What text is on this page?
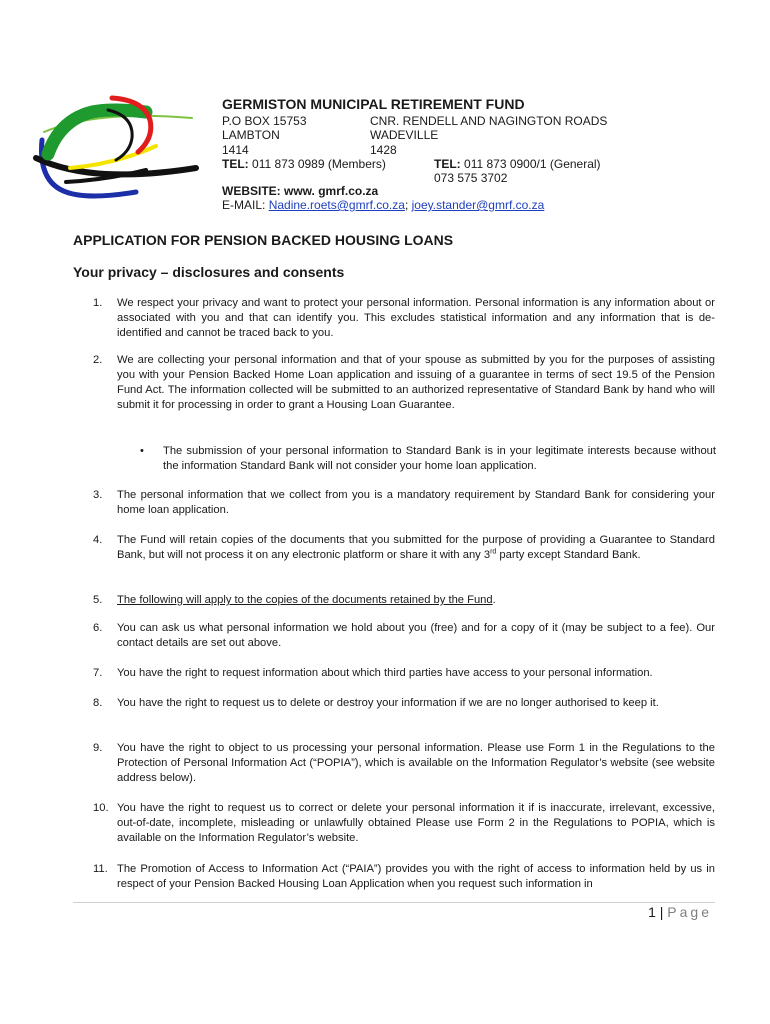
GERMISTON MUNICIPAL RETIREMENT FUND
P.O BOX 15753
LAMBTON
1414
TEL: 011 873 0989 (Members)
CNR. RENDELL AND NAGINGTON ROADS
WADEVILLE
1428
TEL: 011 873 0900/1 (General)
073 575 3702
WEBSITE: www. gmrf.co.za
E-MAIL: Nadine.roets@gmrf.co.za; joey.stander@gmrf.co.za
APPLICATION FOR PENSION BACKED HOUSING LOANS
Your privacy – disclosures and consents
1.	We respect your privacy and want to protect your personal information. Personal information is any information about or associated with you and that can identify you. This excludes statistical information and any information that is de-identified and cannot be traced back to you.
2.	We are collecting your personal information and that of your spouse as submitted by you for the purposes of assisting you with your Pension Backed Home Loan application and issuing of a guarantee in terms of sect 19.5 of the Pension Fund Act. The information collected will be submitted to an authorized representative of Standard Bank by hand who will submit it for processing in order to grant a Housing Loan Guarantee.
• The submission of your personal information to Standard Bank is in your legitimate interests because without the information Standard Bank will not consider your home loan application.
3.	The personal information that we collect from you is a mandatory requirement by Standard Bank for considering your home loan application.
4.	The Fund will retain copies of the documents that you submitted for the purpose of providing a Guarantee to Standard Bank, but will not process it on any electronic platform or share it with any 3rd party except Standard Bank.
5.	The following will apply to the copies of the documents retained by the Fund.
6.	You can ask us what personal information we hold about you (free) and for a copy of it (may be subject to a fee). Our contact details are set out above.
7.	You have the right to request information about which third parties have access to your personal information.
8.	You have the right to request us to delete or destroy your information if we are no longer authorised to keep it.
9.	You have the right to object to us processing your personal information. Please use Form 1 in the Regulations to the Protection of Personal Information Act (“POPIA”), which is available on the Information Regulator’s website (see website address below).
10. You have the right to request us to correct or delete your personal information it if is inaccurate, irrelevant, excessive, out-of-date, incomplete, misleading or unlawfully obtained Please use Form 2 in the Regulations to POPIA, which is available on the Information Regulator’s website.
11. The Promotion of Access to Information Act (“PAIA”) provides you with the right of access to information held by us in respect of your Pension Backed Housing Loan Application when you request such information in
1 | Page
